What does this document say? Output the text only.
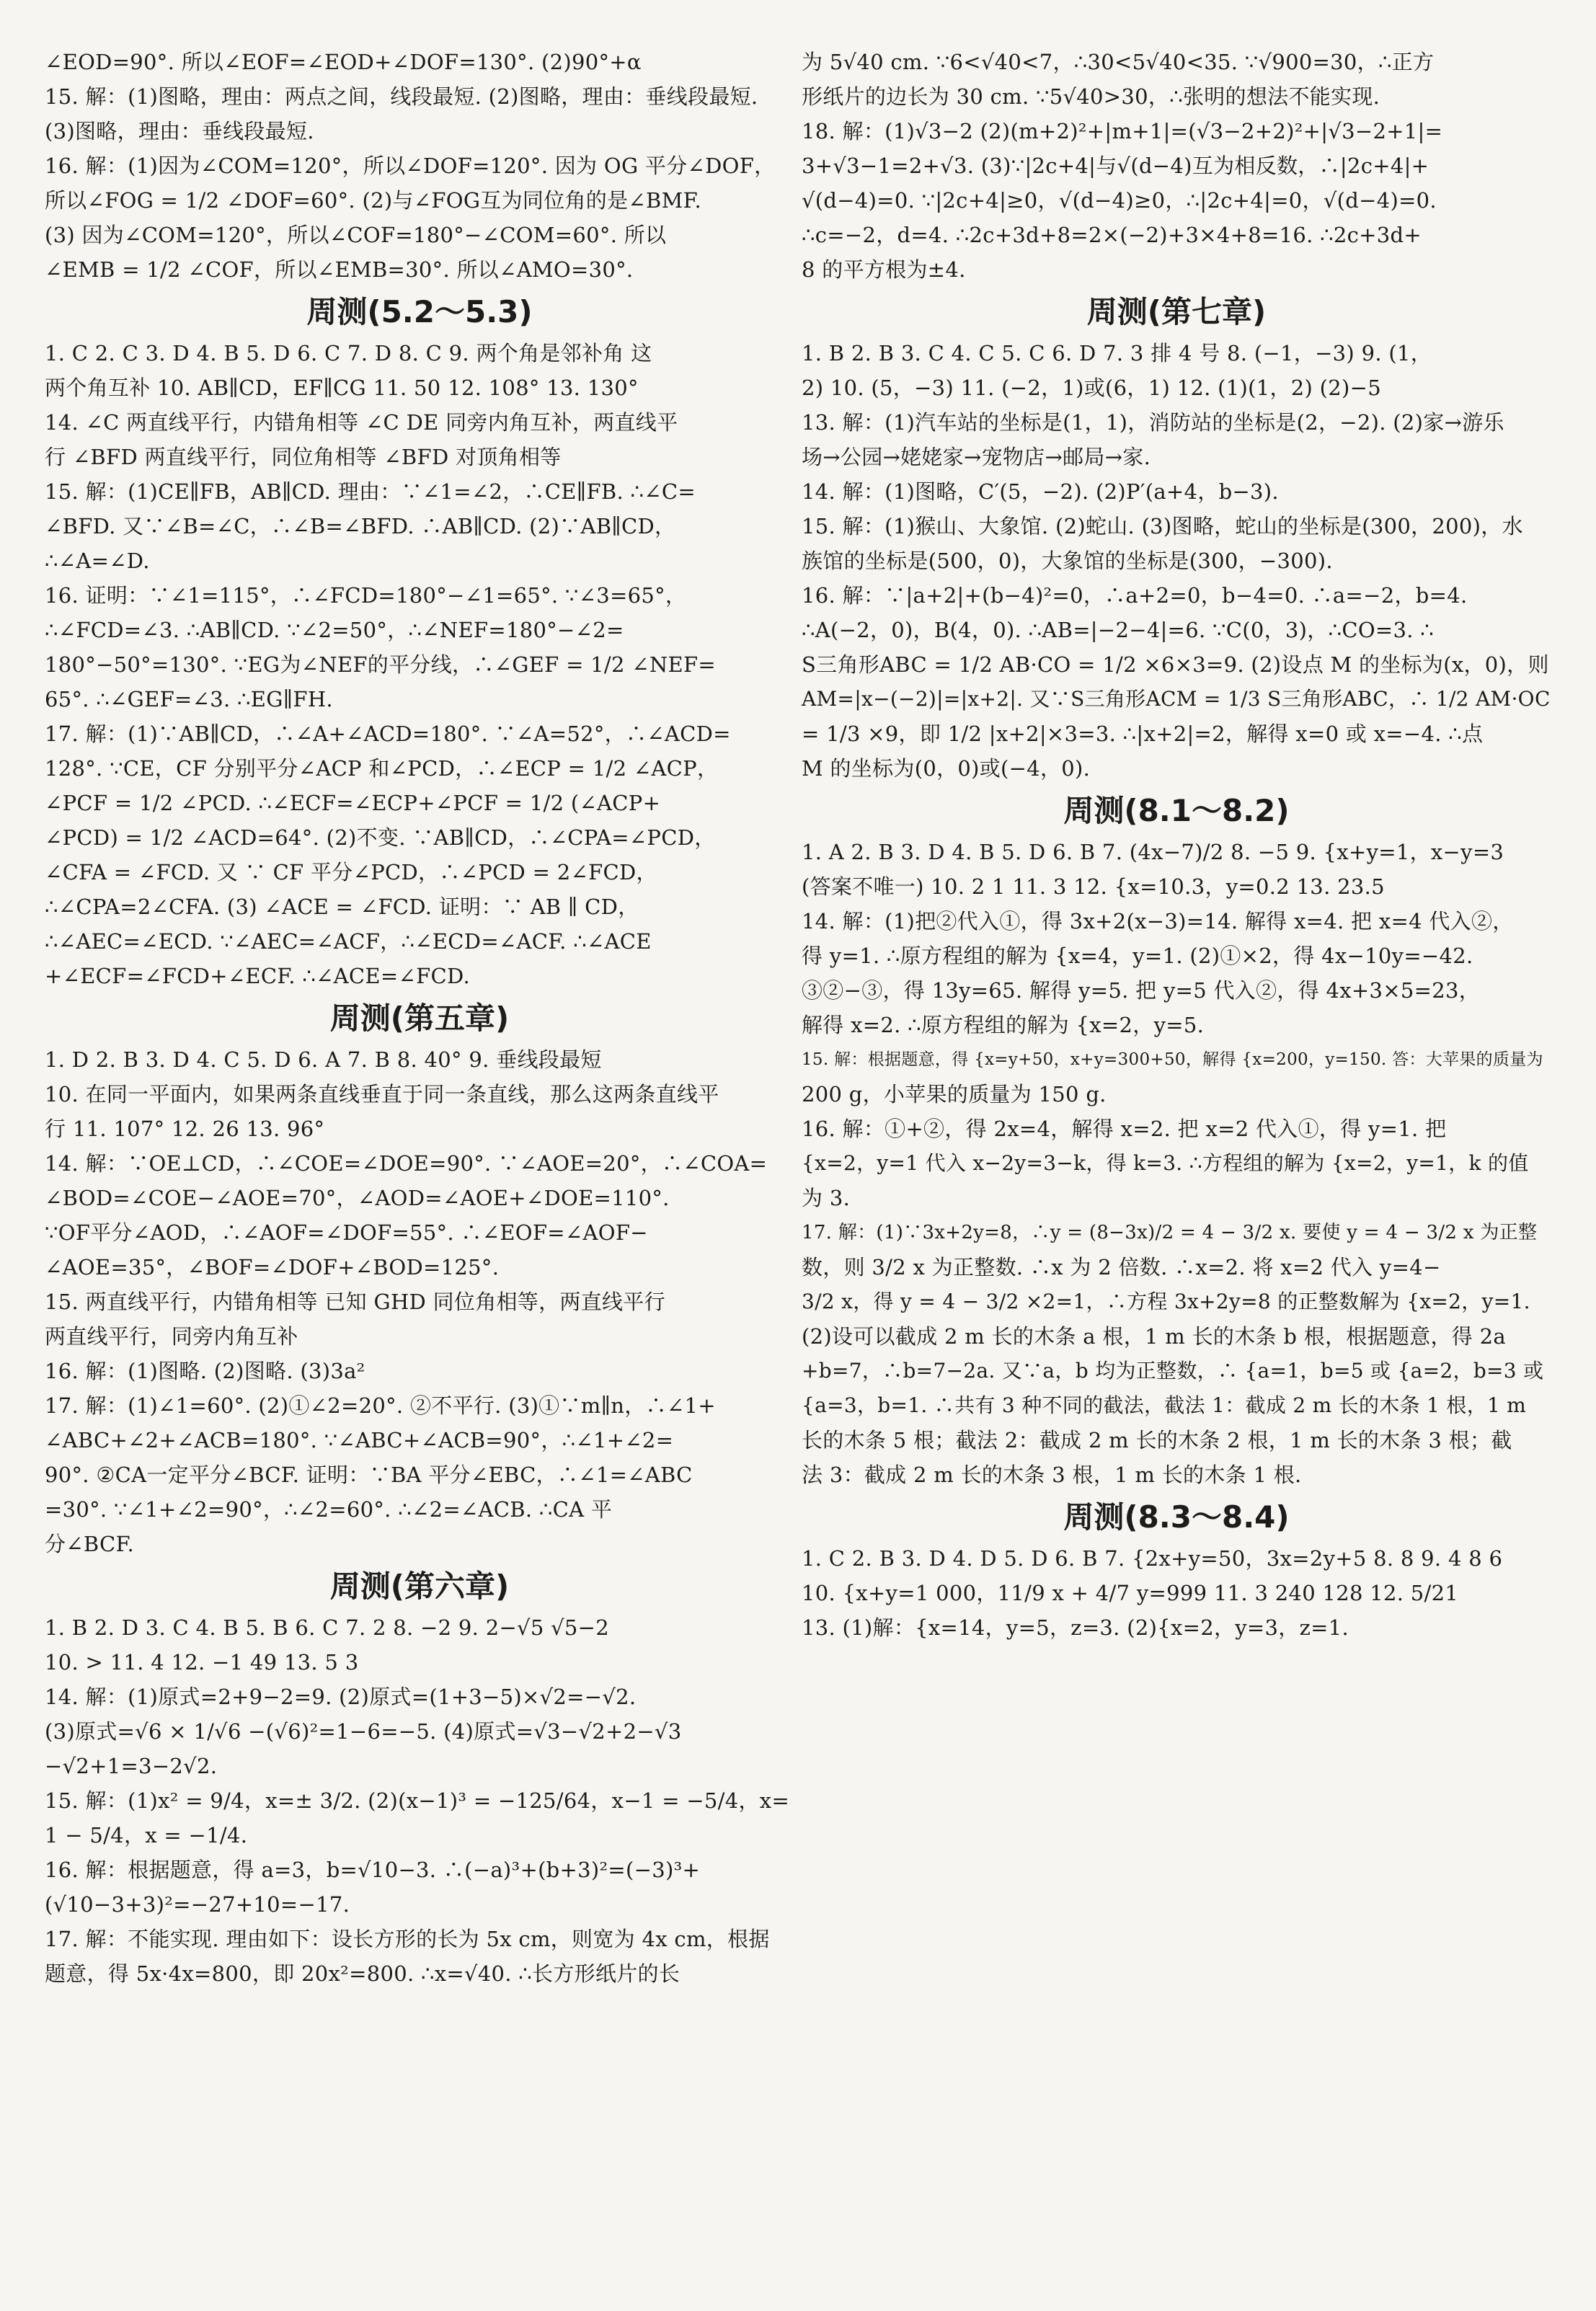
∠EOD=90°. 所以∠EOF=∠EOD+∠DOF=130°. (2)90°+α
15. 解：(1)图略，理由：两点之间，线段最短. (2)图略，理由：垂线段最短.
(3)图略，理由：垂线段最短.
16. 解：(1)因为∠COM=120°，所以∠DOF=120°. 因为 OG 平分∠DOF，
所以∠FOG = 1/2 ∠DOF=60°. (2)与∠FOG互为同位角的是∠BMF.
(3) 因为∠COM=120°，所以∠COF=180°−∠COM=60°. 所以
∠EMB = 1/2 ∠COF，所以∠EMB=30°. 所以∠AMO=30°.
周测(5.2～5.3)
1. C 2. C 3. D 4. B 5. D 6. C 7. D 8. C 9. 两个角是邻补角 这
两个角互补 10. AB∥CD，EF∥CG 11. 50 12. 108° 13. 130°
14. ∠C 两直线平行，内错角相等 ∠C DE 同旁内角互补，两直线平
行 ∠BFD 两直线平行，同位角相等 ∠BFD 对顶角相等
15. 解：(1)CE∥FB，AB∥CD. 理由：∵∠1=∠2，∴CE∥FB. ∴∠C=
∠BFD. 又∵∠B=∠C，∴∠B=∠BFD. ∴AB∥CD. (2)∵AB∥CD，
∴∠A=∠D.
16. 证明：∵∠1=115°，∴∠FCD=180°−∠1=65°. ∵∠3=65°，
∴∠FCD=∠3. ∴AB∥CD. ∵∠2=50°，∴∠NEF=180°−∠2=
180°−50°=130°. ∵EG为∠NEF的平分线，∴∠GEF = 1/2 ∠NEF=
65°. ∴∠GEF=∠3. ∴EG∥FH.
17. 解：(1)∵AB∥CD，∴∠A+∠ACD=180°. ∵∠A=52°，∴∠ACD=
128°. ∵CE，CF 分别平分∠ACP 和∠PCD，∴∠ECP = 1/2 ∠ACP，
∠PCF = 1/2 ∠PCD. ∴∠ECF=∠ECP+∠PCF = 1/2 (∠ACP+
∠PCD) = 1/2 ∠ACD=64°. (2)不变. ∵AB∥CD，∴∠CPA=∠PCD，
∠CFA = ∠FCD. 又 ∵ CF 平分∠PCD，∴∠PCD = 2∠FCD，
∴∠CPA=2∠CFA. (3) ∠ACE = ∠FCD. 证明：∵ AB ∥ CD，
∴∠AEC=∠ECD. ∵∠AEC=∠ACF，∴∠ECD=∠ACF. ∴∠ACE
+∠ECF=∠FCD+∠ECF. ∴∠ACE=∠FCD.
周测(第五章)
1. D 2. B 3. D 4. C 5. D 6. A 7. B 8. 40° 9. 垂线段最短
10. 在同一平面内，如果两条直线垂直于同一条直线，那么这两条直线平
行 11. 107° 12. 26 13. 96°
14. 解：∵OE⊥CD，∴∠COE=∠DOE=90°. ∵∠AOE=20°，∴∠COA=
∠BOD=∠COE−∠AOE=70°，∠AOD=∠AOE+∠DOE=110°.
∵OF平分∠AOD，∴∠AOF=∠DOF=55°. ∴∠EOF=∠AOF−
∠AOE=35°，∠BOF=∠DOF+∠BOD=125°.
15. 两直线平行，内错角相等 已知 GHD 同位角相等，两直线平行
两直线平行，同旁内角互补
16. 解：(1)图略. (2)图略. (3)3a²
17. 解：(1)∠1=60°. (2)①∠2=20°. ②不平行. (3)①∵m∥n，∴∠1+
∠ABC+∠2+∠ACB=180°. ∵∠ABC+∠ACB=90°，∴∠1+∠2=
90°. ②CA一定平分∠BCF. 证明：∵BA 平分∠EBC，∴∠1=∠ABC
=30°. ∵∠1+∠2=90°，∴∠2=60°. ∴∠2=∠ACB. ∴CA 平
分∠BCF.
周测(第六章)
1. B 2. D 3. C 4. B 5. B 6. C 7. 2 8. −2 9. 2−√5 √5−2
10. > 11. 4 12. −1 49 13. 5 3
14. 解：(1)原式=2+9−2=9. (2)原式=(1+3−5)×√2=−√2.
(3)原式=√6 × 1/√6 −(√6)²=1−6=−5. (4)原式=√3−√2+2−√3
−√2+1=3−2√2.
15. 解：(1)x² = 9/4，x=± 3/2. (2)(x−1)³ = −125/64，x−1 = −5/4，x=
1 − 5/4，x = −1/4.
16. 解：根据题意，得 a=3，b=√10−3. ∴(−a)³+(b+3)²=(−3)³+
(√10−3+3)²=−27+10=−17.
17. 解：不能实现. 理由如下：设长方形的长为 5x cm，则宽为 4x cm，根据
题意，得 5x·4x=800，即 20x²=800. ∴x=√40. ∴长方形纸片的长
为 5√40 cm. ∵6<√40<7，∴30<5√40<35. ∵√900=30，∴正方
形纸片的边长为 30 cm. ∵5√40>30，∴张明的想法不能实现.
18. 解：(1)√3−2 (2)(m+2)²+|m+1|=(√3−2+2)²+|√3−2+1|=
3+√3−1=2+√3. (3)∵|2c+4|与√(d−4)互为相反数，∴|2c+4|+
√(d−4)=0. ∵|2c+4|≥0，√(d−4)≥0，∴|2c+4|=0，√(d−4)=0.
∴c=−2，d=4. ∴2c+3d+8=2×(−2)+3×4+8=16. ∴2c+3d+
8 的平方根为±4.
周测(第七章)
1. B 2. B 3. C 4. C 5. C 6. D 7. 3 排 4 号 8. (−1，−3) 9. (1，
2) 10. (5，−3) 11. (−2，1)或(6，1) 12. (1)(1，2) (2)−5
13. 解：(1)汽车站的坐标是(1，1)，消防站的坐标是(2，−2). (2)家→游乐
场→公园→姥姥家→宠物店→邮局→家.
14. 解：(1)图略，C′(5，−2). (2)P′(a+4，b−3).
15. 解：(1)猴山、大象馆. (2)蛇山. (3)图略，蛇山的坐标是(300，200)，水
族馆的坐标是(500，0)，大象馆的坐标是(300，−300).
16. 解：∵|a+2|+(b−4)²=0，∴a+2=0，b−4=0. ∴a=−2，b=4.
∴A(−2，0)，B(4，0). ∴AB=|−2−4|=6. ∵C(0，3)，∴CO=3. ∴
S三角形ABC = 1/2 AB·CO = 1/2 ×6×3=9. (2)设点 M 的坐标为(x，0)，则
AM=|x−(−2)|=|x+2|. 又∵S三角形ACM = 1/3 S三角形ABC，∴ 1/2 AM·OC
= 1/3 ×9，即 1/2 |x+2|×3=3. ∴|x+2|=2，解得 x=0 或 x=−4. ∴点
M 的坐标为(0，0)或(−4，0).
周测(8.1～8.2)
1. A 2. B 3. D 4. B 5. D 6. B 7. (4x−7)/2 8. −5 9. {x+y=1，x−y=3
(答案不唯一) 10. 2 1 11. 3 12. {x=10.3，y=0.2 13. 23.5
14. 解：(1)把②代入①，得 3x+2(x−3)=14. 解得 x=4. 把 x=4 代入②，
得 y=1. ∴原方程组的解为 {x=4，y=1. (2)①×2，得 4x−10y=−42.
③②−③，得 13y=65. 解得 y=5. 把 y=5 代入②，得 4x+3×5=23，
解得 x=2. ∴原方程组的解为 {x=2，y=5.
15. 解：根据题意，得 {x=y+50，x+y=300+50，解得 {x=200，y=150. 答：大苹果的质量为
200 g，小苹果的质量为 150 g.
16. 解：①+②，得 2x=4，解得 x=2. 把 x=2 代入①，得 y=1. 把
{x=2，y=1 代入 x−2y=3−k，得 k=3. ∴方程组的解为 {x=2，y=1，k 的值
为 3.
17. 解：(1)∵3x+2y=8，∴y = (8−3x)/2 = 4 − 3/2 x. 要使 y = 4 − 3/2 x 为正整
数，则 3/2 x 为正整数. ∴x 为 2 倍数. ∴x=2. 将 x=2 代入 y=4−
3/2 x，得 y = 4 − 3/2 ×2=1，∴方程 3x+2y=8 的正整数解为 {x=2，y=1.
(2)设可以截成 2 m 长的木条 a 根，1 m 长的木条 b 根，根据题意，得 2a
+b=7，∴b=7−2a. 又∵a，b 均为正整数，∴ {a=1，b=5 或 {a=2，b=3 或
{a=3，b=1. ∴共有 3 种不同的截法，截法 1：截成 2 m 长的木条 1 根，1 m
长的木条 5 根；截法 2：截成 2 m 长的木条 2 根，1 m 长的木条 3 根；截
法 3：截成 2 m 长的木条 3 根，1 m 长的木条 1 根.
周测(8.3～8.4)
1. C 2. B 3. D 4. D 5. D 6. B 7. {2x+y=50，3x=2y+5 8. 8 9. 4 8 6
10. {x+y=1 000，11/9 x + 4/7 y=999 11. 3 240 128 12. 5/21
13. (1)解：{x=14，y=5，z=3. (2){x=2，y=3，z=1.
